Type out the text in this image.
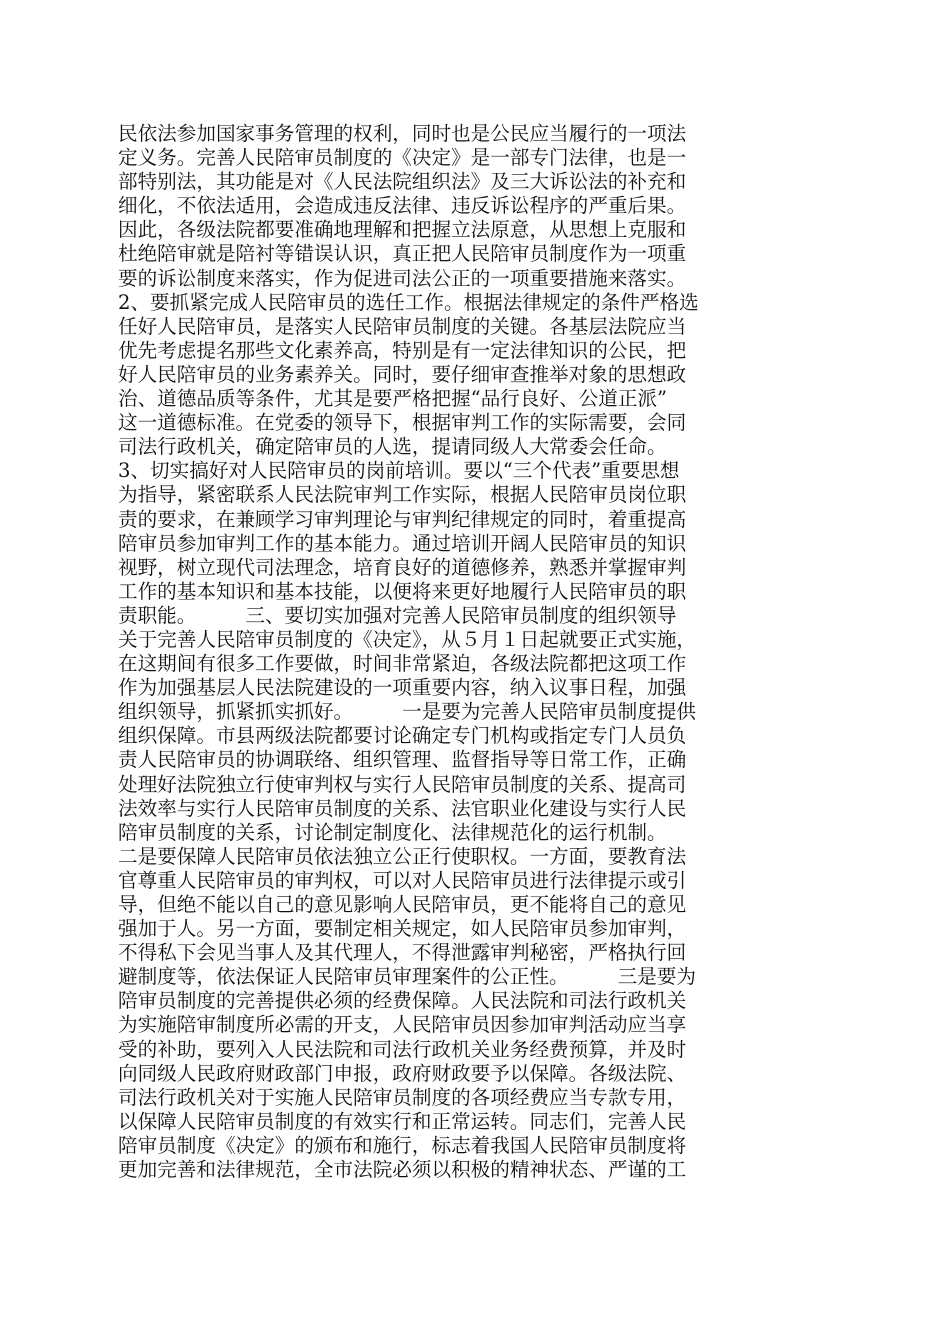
民依法参加国家事务管理的权利，同时也是公民应当履行的一项法
定义务。完善人民陪审员制度的《决定》是一部专门法律，也是一
部特别法，其功能是对《人民法院组织法》及三大诉讼法的补充和
细化，不依法适用，会造成违反法律、违反诉讼程序的严重后果。
因此，各级法院都要准确地理解和把握立法原意，从思想上克服和
杜绝陪审就是陪衬等错误认识，真正把人民陪审员制度作为一项重
要的诉讼制度来落实，作为促进司法公正的一项重要措施来落实。
2、要抓紧完成人民陪审员的选任工作。根据法律规定的条件严格选
任好人民陪审员，是落实人民陪审员制度的关键。各基层法院应当
优先考虑提名那些文化素养高，特别是有一定法律知识的公民，把
好人民陪审员的业务素养关。同时，要仔细审查推举对象的思想政
治、道德品质等条件，尤其是要严格把握“品行良好、公道正派”
这一道德标准。在党委的领导下，根据审判工作的实际需要，会同
司法行政机关，确定陪审员的人选，提请同级人大常委会任命。
3、切实搞好对人民陪审员的岗前培训。要以“三个代表”重要思想
为指导，紧密联系人民法院审判工作实际，根据人民陪审员岗位职
责的要求，在兼顾学习审判理论与审判纪律规定的同时，着重提高
陪审员参加审判工作的基本能力。通过培训开阔人民陪审员的知识
视野，树立现代司法理念，培育良好的道德修养，熟悉并掌握审判
工作的基本知识和基本技能，以便将来更好地履行人民陪审员的职
责职能。　　　三、要切实加强对完善人民陪审员制度的组织领导
关于完善人民陪审员制度的《决定》，从５月１日起就要正式实施，
在这期间有很多工作要做，时间非常紧迫，各级法院都把这项工作
作为加强基层人民法院建设的一项重要内容，纳入议事日程，加强
组织领导，抓紧抓实抓好。　　　一是要为完善人民陪审员制度提供
组织保障。市县两级法院都要讨论确定专门机构或指定专门人员负
责人民陪审员的协调联络、组织管理、监督指导等日常工作，正确
处理好法院独立行使审判权与实行人民陪审员制度的关系、提高司
法效率与实行人民陪审员制度的关系、法官职业化建设与实行人民
陪审员制度的关系，讨论制定制度化、法律规范化的运行机制。
二是要保障人民陪审员依法独立公正行使职权。一方面，要教育法
官尊重人民陪审员的审判权，可以对人民陪审员进行法律提示或引
导，但绝不能以自己的意见影响人民陪审员，更不能将自己的意见
强加于人。另一方面，要制定相关规定，如人民陪审员参加审判，
不得私下会见当事人及其代理人，不得泄露审判秘密，严格执行回
避制度等，依法保证人民陪审员审理案件的公正性。　　　三是要为
陪审员制度的完善提供必须的经费保障。人民法院和司法行政机关
为实施陪审制度所必需的开支，人民陪审员因参加审判活动应当享
受的补助，要列入人民法院和司法行政机关业务经费预算，并及时
向同级人民政府财政部门申报，政府财政要予以保障。各级法院、
司法行政机关对于实施人民陪审员制度的各项经费应当专款专用，
以保障人民陪审员制度的有效实行和正常运转。同志们，完善人民
陪审员制度《决定》的颁布和施行，标志着我国人民陪审员制度将
更加完善和法律规范，全市法院必须以积极的精神状态、严谨的工
